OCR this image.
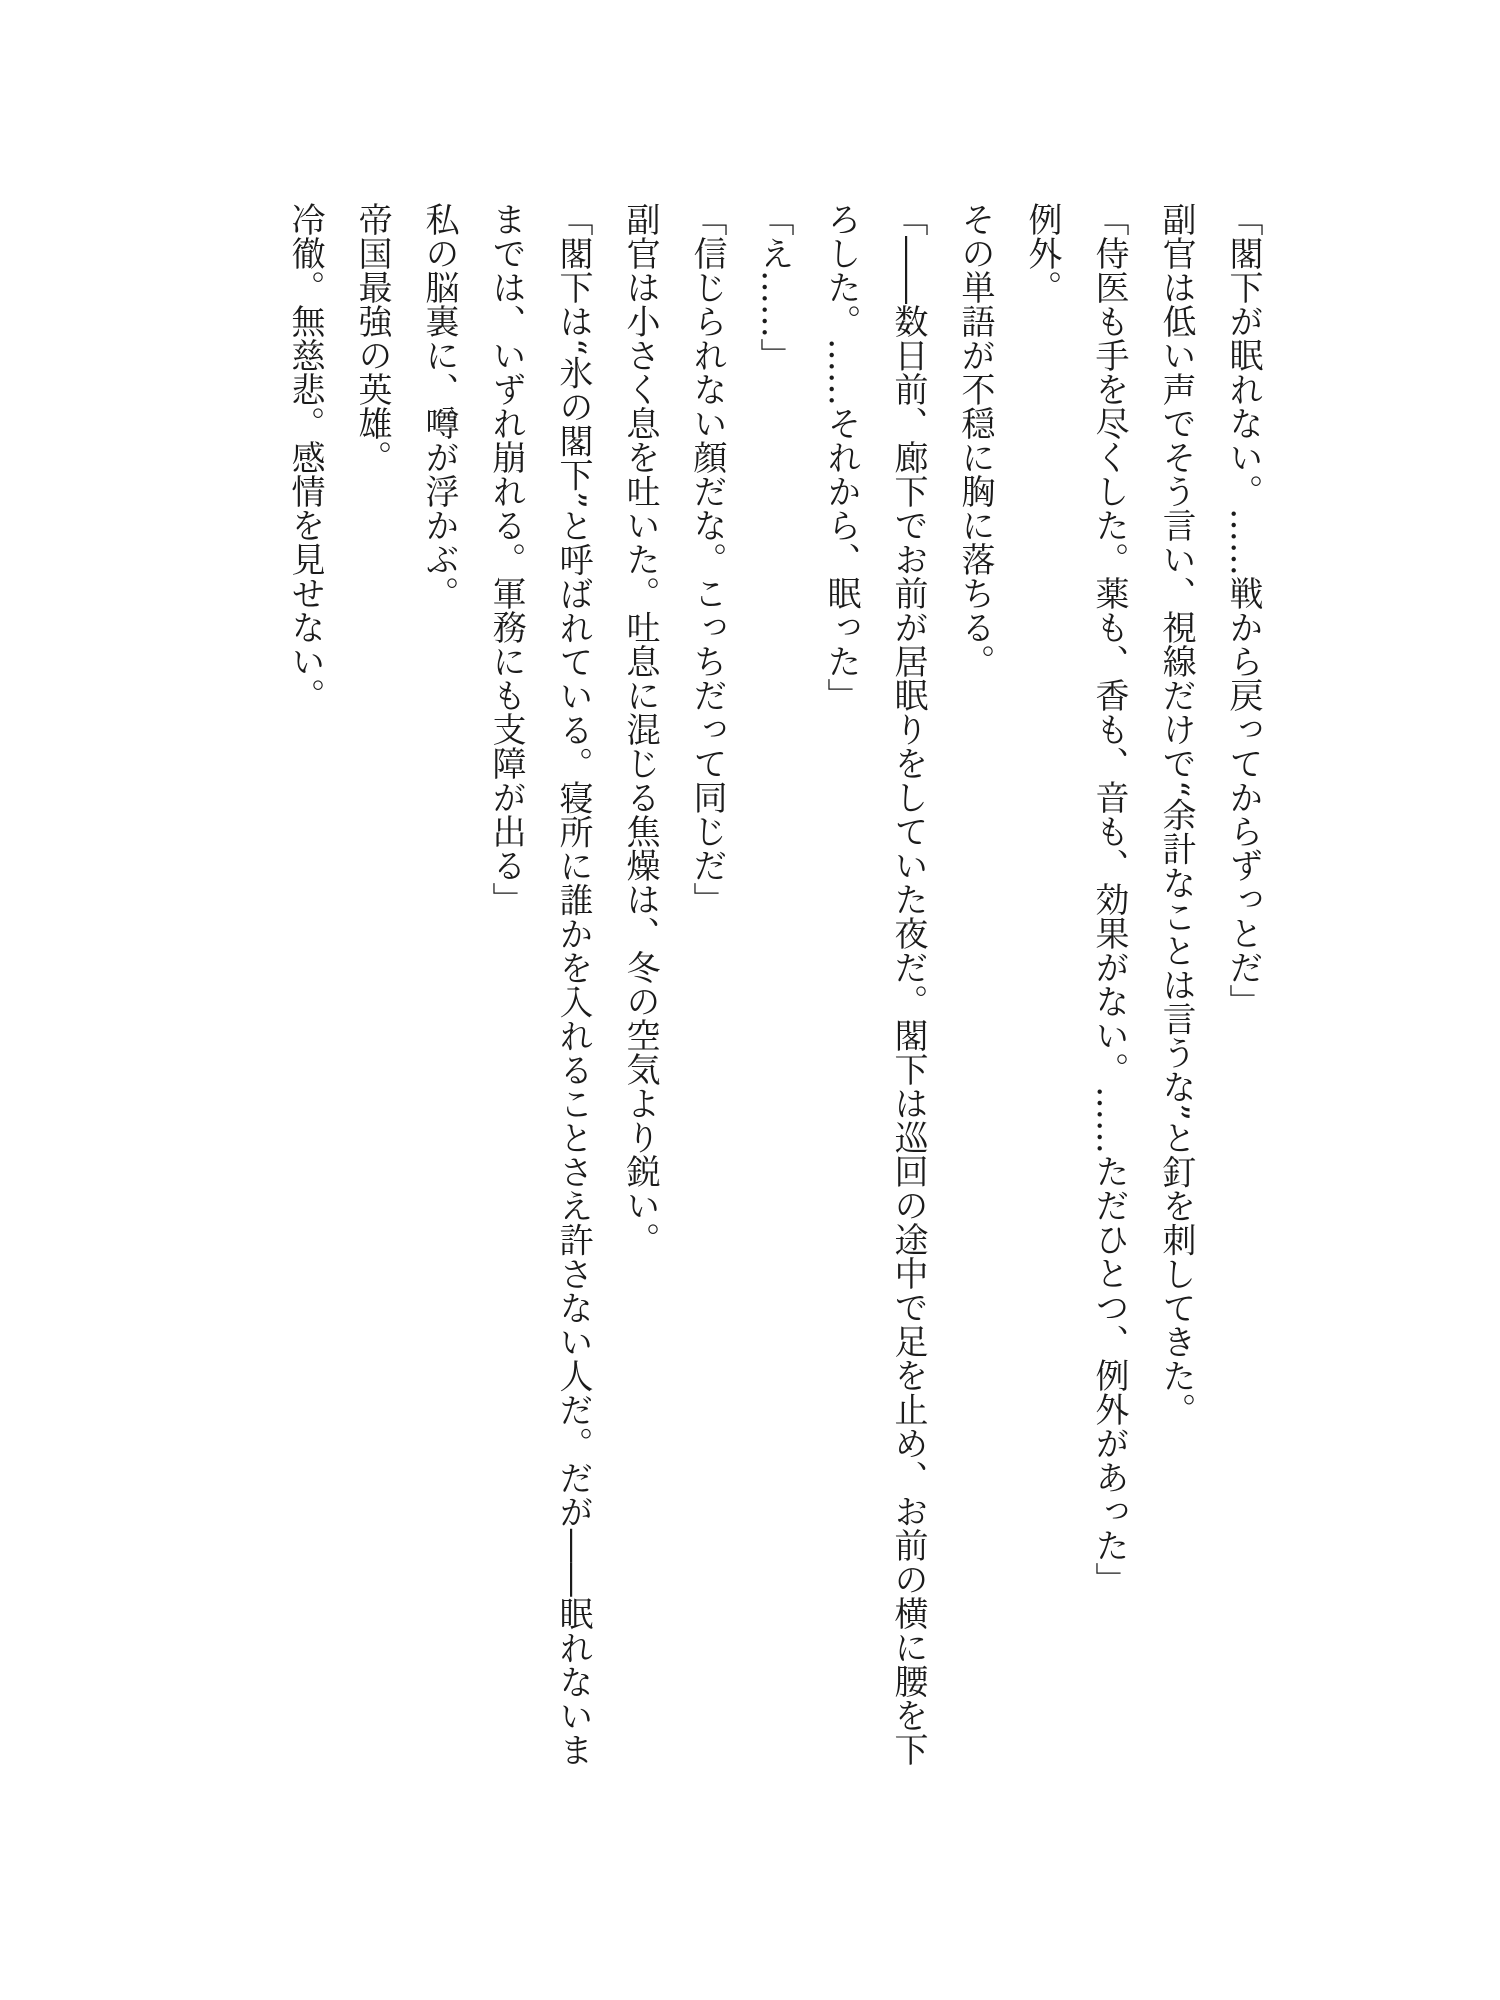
「閣下が眠れない。……戦から戻ってからずっとだ」

副官は低い声でそう言い、視線だけで“余計なことは言うな”と釘を刺してきた。

「侍医も手を尽くした。薬も、香も、音も、効果がない。……ただひとつ、例外があった」

例外。

その単語が不穏に胸に落ちる。

「――数日前、廊下でお前が居眠りをしていた夜だ。閣下は巡回の途中で足を止め、お前の横に腰を下ろした。……それから、眠った」

「え……」

「信じられない顔だな。こっちだって同じだ」

副官は小さく息を吐いた。吐息に混じる焦燥は、冬の空気より鋭い。

「閣下は“氷の閣下”と呼ばれている。寝所に誰かを入れることさえ許さない人だ。だが――眠れないままでは、いずれ崩れる。軍務にも支障が出る」

私の脳裏に、噂が浮かぶ。

帝国最強の英雄。

冷徹。無慈悲。感情を見せない。
